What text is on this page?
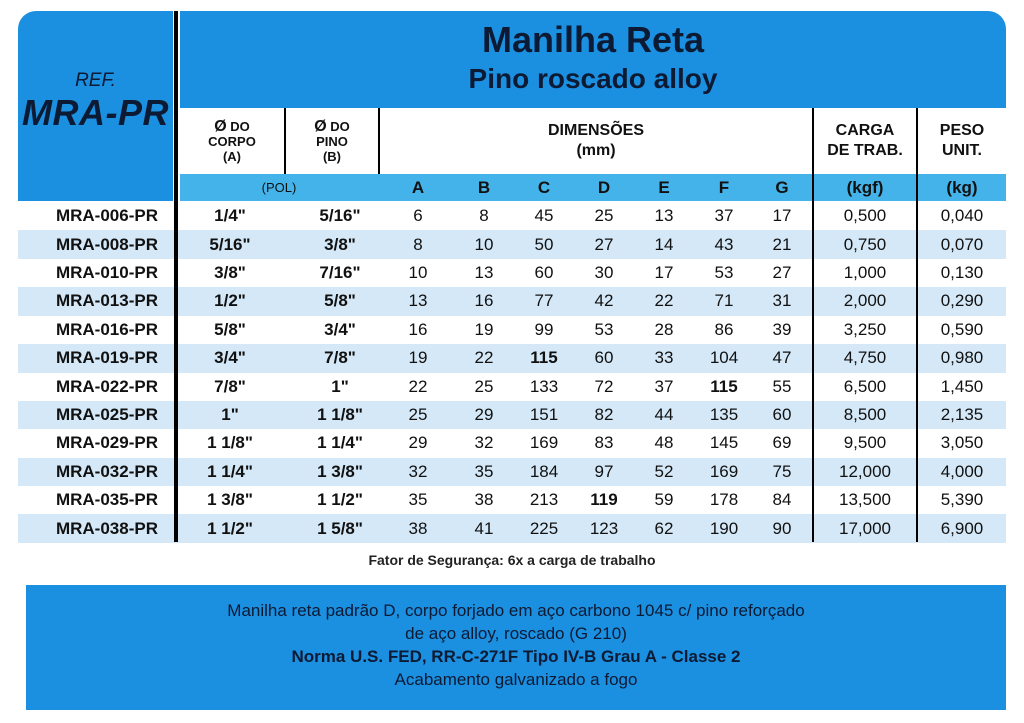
REF.
MRA-PR
Manilha Reta
Pino roscado alloy
Ø DO
CORPO
(A)
Ø DO
PINO
(B)
DIMENSÕES
(mm)
CARGA
DE TRAB.
PESO
UNIT.
(POL)	A	B	C	D	E	F	G	(kgf)	(kg)
MRA-006-PR	1/4"	5/16"	6	8	45	25	13	37	17	0,500	0,040
MRA-008-PR	5/16"	3/8"	8	10	50	27	14	43	21	0,750	0,070
MRA-010-PR	3/8"	7/16"	10	13	60	30	17	53	27	1,000	0,130
MRA-013-PR	1/2"	5/8"	13	16	77	42	22	71	31	2,000	0,290
MRA-016-PR	5/8"	3/4"	16	19	99	53	28	86	39	3,250	0,590
MRA-019-PR	3/4"	7/8"	19	22	115	60	33	104	47	4,750	0,980
MRA-022-PR	7/8"	1"	22	25	133	72	37	115	55	6,500	1,450
MRA-025-PR	1"	1 1/8"	25	29	151	82	44	135	60	8,500	2,135
MRA-029-PR	1 1/8"	1 1/4"	29	32	169	83	48	145	69	9,500	3,050
MRA-032-PR	1 1/4"	1 3/8"	32	35	184	97	52	169	75	12,000	4,000
MRA-035-PR	1 3/8"	1 1/2"	35	38	213	119	59	178	84	13,500	5,390
MRA-038-PR	1 1/2"	1 5/8"	38	41	225	123	62	190	90	17,000	6,900
Fator de Segurança: 6x a carga de trabalho
Manilha reta padrão D, corpo forjado em aço carbono 1045 c/ pino reforçado
de aço alloy, roscado (G 210)
Norma U.S. FED, RR-C-271F Tipo IV-B Grau A - Classe 2
Acabamento galvanizado a fogo
